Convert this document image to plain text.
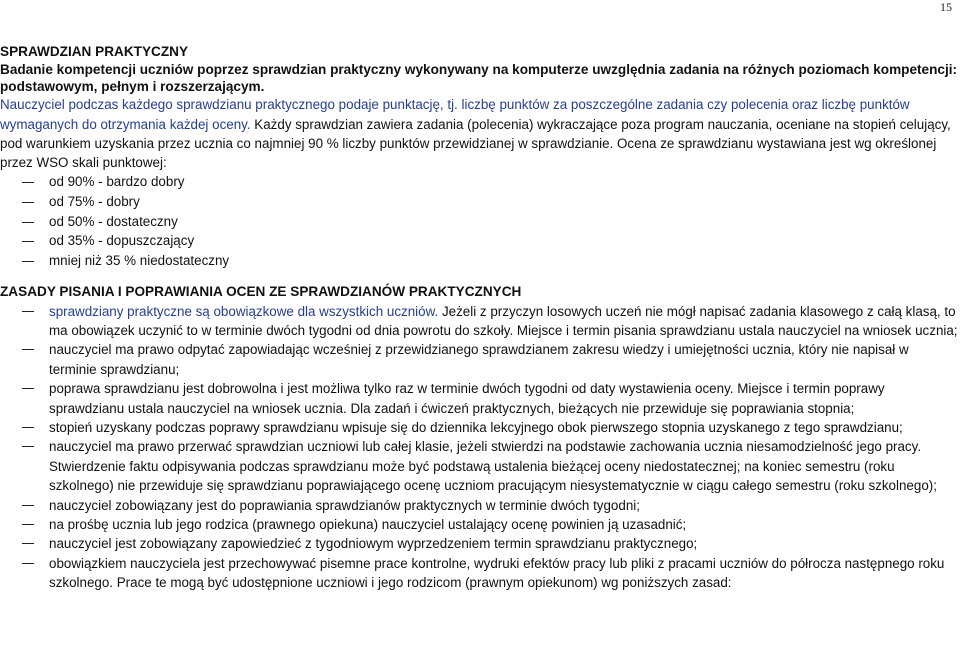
15
SPRAWDZIAN PRAKTYCZNY
Badanie kompetencji uczniów poprzez sprawdzian praktyczny wykonywany na komputerze uwzględnia zadania na różnych poziomach kompetencji: podstawowym, pełnym i rozszerzającym.
Nauczyciel podczas każdego sprawdzianu praktycznego podaje punktację, tj. liczbę punktów za poszczególne zadania czy polecenia oraz liczbę punktów wymaganych do otrzymania każdej oceny. Każdy sprawdzian zawiera zadania (polecenia) wykraczające poza program nauczania, oceniane na stopień celujący, pod warunkiem uzyskania przez ucznia co najmniej 90 % liczby punktów przewidzianej w sprawdzianie. Ocena ze sprawdzianu wystawiana jest wg określonej przez WSO skali punktowej:
od 90% - bardzo dobry
od 75% - dobry
od 50% - dostateczny
od 35% - dopuszczający
mniej niż 35 % niedostateczny
ZASADY PISANIA I POPRAWIANIA OCEN ZE SPRAWDZIANÓW PRAKTYCZNYCH
sprawdziany praktyczne są obowiązkowe dla wszystkich uczniów. Jeżeli z przyczyn losowych uczeń nie mógł napisać zadania klasowego z całą klasą, to ma obowiązek uczynić to w terminie dwóch tygodni od dnia powrotu do szkoły. Miejsce i termin pisania sprawdzianu ustala nauczyciel na wniosek ucznia;
nauczyciel ma prawo odpytać zapowiadając wcześniej z przewidzianego sprawdzianem zakresu wiedzy i umiejętności ucznia, który nie napisał w terminie sprawdzianu;
poprawa sprawdzianu jest dobrowolna i jest możliwa tylko raz w terminie dwóch tygodni od daty wystawienia oceny. Miejsce i termin poprawy sprawdzianu ustala nauczyciel na wniosek ucznia. Dla zadań i ćwiczeń praktycznych, bieżących nie przewiduje się poprawiania stopnia;
stopień uzyskany podczas poprawy sprawdzianu wpisuje się do dziennika lekcyjnego obok pierwszego stopnia uzyskanego z tego sprawdzianu;
nauczyciel ma prawo przerwać sprawdzian uczniowi lub całej klasie, jeżeli stwierdzi na podstawie zachowania ucznia niesamodzielność jego pracy. Stwierdzenie faktu odpisywania podczas sprawdzianu może być podstawą ustalenia bieżącej oceny niedostatecznej; na koniec semestru (roku szkolnego) nie przewiduje się sprawdzianu poprawiającego ocenę uczniom pracującym niesystematycznie w ciągu całego semestru (roku szkolnego);
nauczyciel zobowiązany jest do poprawiania sprawdzianów praktycznych w terminie dwóch tygodni;
na prośbę ucznia lub jego rodzica (prawnego opiekuna) nauczyciel ustalający ocenę powinien ją uzasadnić;
nauczyciel jest zobowiązany zapowiedzieć z tygodniowym wyprzedzeniem termin sprawdzianu praktycznego;
obowiązkiem nauczyciela jest przechowywać pisemne prace kontrolne, wydruki efektów pracy lub pliki z pracami uczniów do półrocza następnego roku szkolnego. Prace te mogą być udostępnione uczniowi i jego rodzicom (prawnym opiekunom) wg poniższych zasad:
